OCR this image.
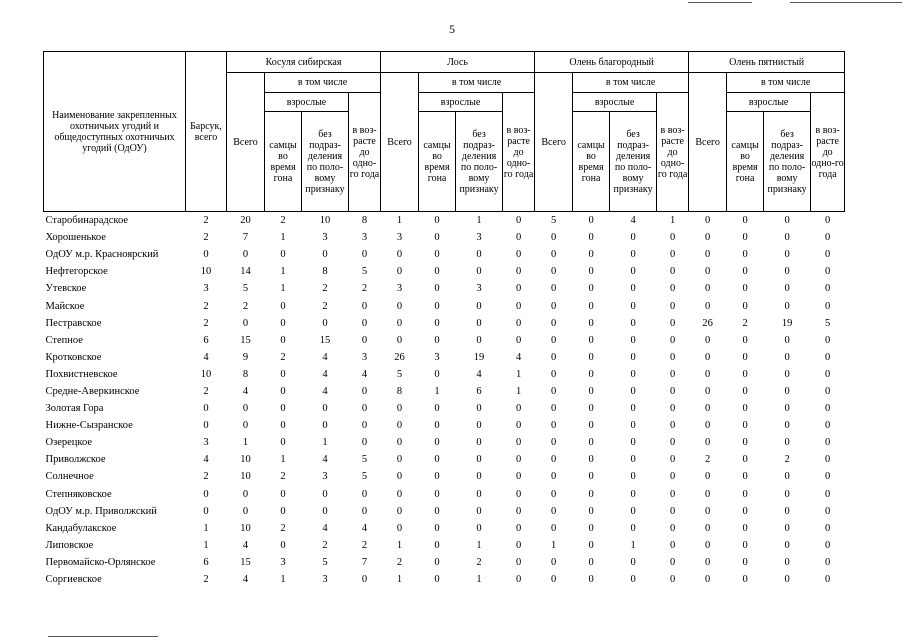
5
Наименование закрепленных охотничьих угодий и общедоступных охотничьих угодий (ОдОУ)	Барсук, всего	Косуля сибирская				Лось				Олень благородный				Олень пятнистый			
		Всего	в том числе			Всего	в том числе			Всего	в том числе			Всего	в том числе		
			взрослые		в воз-расте до одно-го года		взрослые		в воз-расте до одно-го года		взрослые		в воз-расте до одно-го года		взрослые		в воз-расте до одно-го года
			самцы во время гона	без подраз-деления по поло-вому признаку			самцы во время гона	без подраз-деления по поло-вому признаку			самцы во время гона	без подраз-деления по поло-вому признаку			самцы во время гона	без подраз-деления по поло-вому признаку	
Старобинарадское	2	20	2	10	8	1	0	1	0	5	0	4	1	0	0	0	0
Хорошенькое	2	7	1	3	3	3	0	3	0	0	0	0	0	0	0	0	0
ОдОУ м.р. Красноярский	0	0	0	0	0	0	0	0	0	0	0	0	0	0	0	0	0
Нефтегорское	10	14	1	8	5	0	0	0	0	0	0	0	0	0	0	0	0
Утевское	3	5	1	2	2	3	0	3	0	0	0	0	0	0	0	0	0
Майское	2	2	0	2	0	0	0	0	0	0	0	0	0	0	0	0	0
Пестравское	2	0	0	0	0	0	0	0	0	0	0	0	0	26	2	19	5
Степное	6	15	0	15	0	0	0	0	0	0	0	0	0	0	0	0	0
Кротковское	4	9	2	4	3	26	3	19	4	0	0	0	0	0	0	0	0
Похвистневское	10	8	0	4	4	5	0	4	1	0	0	0	0	0	0	0	0
Средне-Аверкинское	2	4	0	4	0	8	1	6	1	0	0	0	0	0	0	0	0
Золотая Гора	0	0	0	0	0	0	0	0	0	0	0	0	0	0	0	0	0
Нижне-Сызранское	0	0	0	0	0	0	0	0	0	0	0	0	0	0	0	0	0
Озерецкое	3	1	0	1	0	0	0	0	0	0	0	0	0	0	0	0	0
Приволжское	4	10	1	4	5	0	0	0	0	0	0	0	0	2	0	2	0
Солнечное	2	10	2	3	5	0	0	0	0	0	0	0	0	0	0	0	0
Степняковское	0	0	0	0	0	0	0	0	0	0	0	0	0	0	0	0	0
ОдОУ м.р. Приволжский	0	0	0	0	0	0	0	0	0	0	0	0	0	0	0	0	0
Кандабулакское	1	10	2	4	4	0	0	0	0	0	0	0	0	0	0	0	0
Липовское	1	4	0	2	2	1	0	1	0	1	0	1	0	0	0	0	0
Первомайско-Орлянское	6	15	3	5	7	2	0	2	0	0	0	0	0	0	0	0	0
Соргиевское	2	4	1	3	0	1	0	1	0	0	0	0	0	0	0	0	0
